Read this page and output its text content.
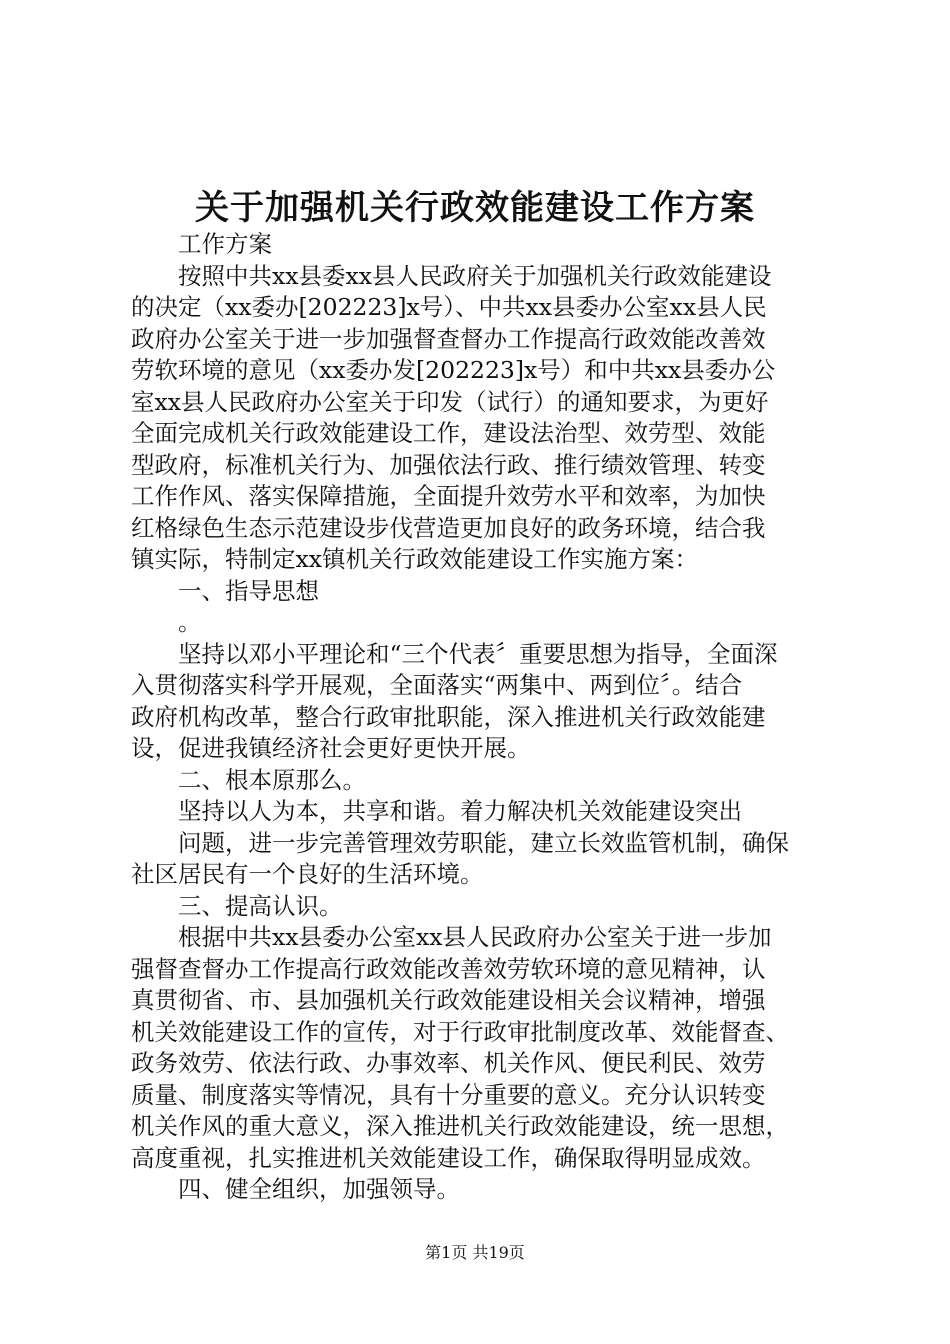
关于加强机关行政效能建设工作方案
工作方案
按照中共xx县委xx县人民政府关于加强机关行政效能建设
的决定（xx委办[202223]x号）、中共xx县委办公室xx县人民
政府办公室关于进一步加强督查督办工作提高行政效能改善效
劳软环境的意见（xx委办发[202223]x号）和中共xx县委办公
室xx县人民政府办公室关于印发（试行）的通知要求，为更好
全面完成机关行政效能建设工作，建设法治型、效劳型、效能
型政府，标准机关行为、加强依法行政、推行绩效管理、转变
工作作风、落实保障措施，全面提升效劳水平和效率，为加快
红格绿色生态示范建设步伐营造更加良好的政务环境，结合我
镇实际，特制定xx镇机关行政效能建设工作实施方案：
一、指导思想
。
坚持以邓小平理论和“三个代表〞重要思想为指导，全面深
入贯彻落实科学开展观，全面落实“两集中、两到位〞。结合
政府机构改革，整合行政审批职能，深入推进机关行政效能建
设，促进我镇经济社会更好更快开展。
二、根本原那么。
坚持以人为本，共享和谐。着力解决机关效能建设突出
问题，进一步完善管理效劳职能，建立长效监管机制，确保
社区居民有一个良好的生活环境。
三、提高认识。
根据中共xx县委办公室xx县人民政府办公室关于进一步加
强督查督办工作提高行政效能改善效劳软环境的意见精神，认
真贯彻省、市、县加强机关行政效能建设相关会议精神，增强
机关效能建设工作的宣传，对于行政审批制度改革、效能督查、
政务效劳、依法行政、办事效率、机关作风、便民利民、效劳
质量、制度落实等情况，具有十分重要的意义。充分认识转变
机关作风的重大意义，深入推进机关行政效能建设，统一思想，
高度重视，扎实推进机关效能建设工作，确保取得明显成效。
四、健全组织，加强领导。
第1页 共19页
